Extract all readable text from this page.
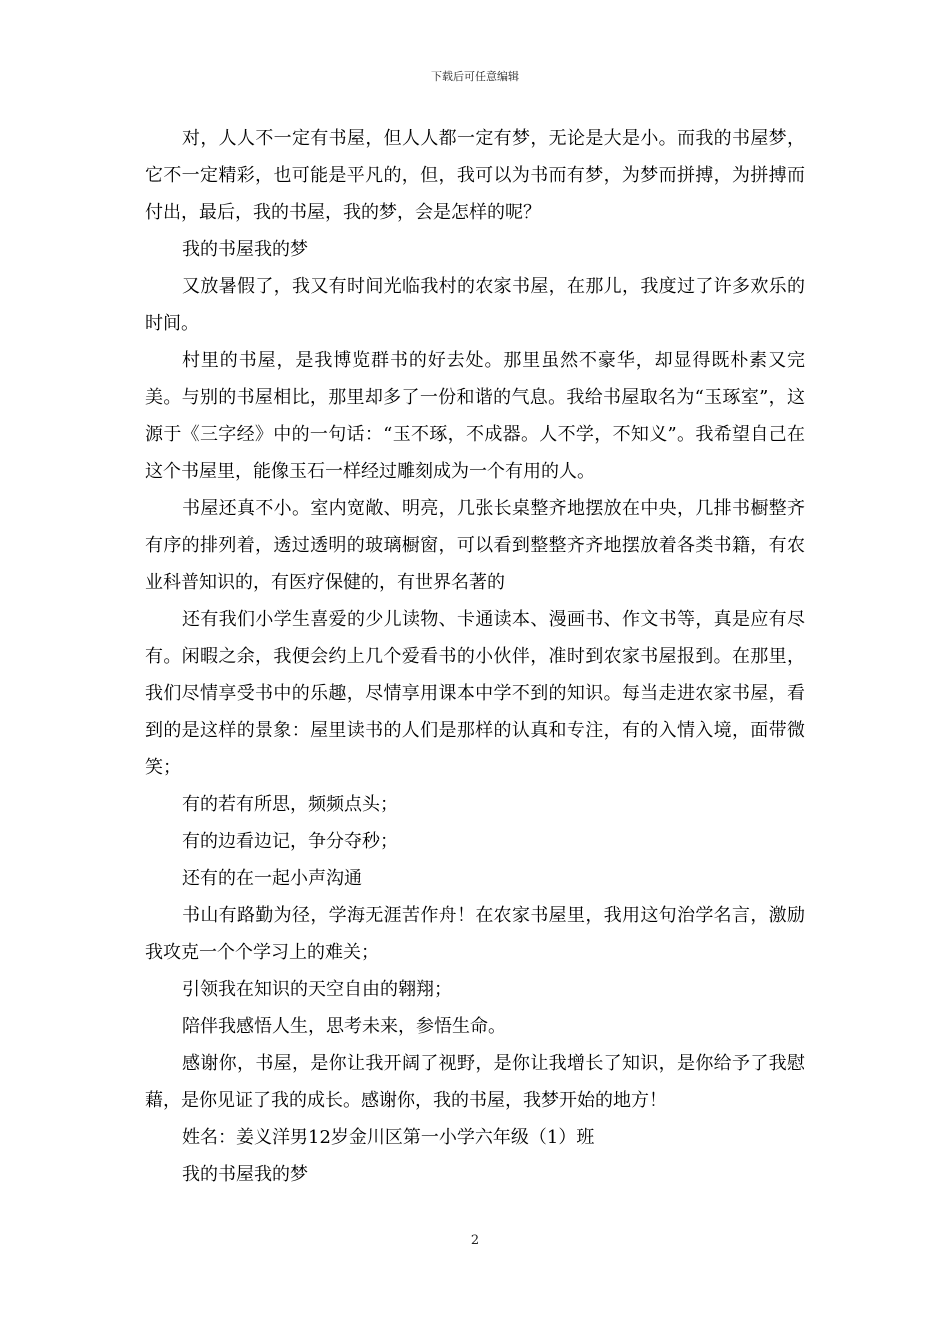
下载后可任意编辑

对，人人不一定有书屋，但人人都一定有梦，无论是大是小。而我的书屋梦，它不一定精彩，也可能是平凡的，但，我可以为书而有梦，为梦而拼搏，为拼搏而付出，最后，我的书屋，我的梦，会是怎样的呢？

我的书屋我的梦

又放暑假了，我又有时间光临我村的农家书屋，在那儿，我度过了许多欢乐的时间。

村里的书屋，是我博览群书的好去处。那里虽然不豪华，却显得既朴素又完美。与别的书屋相比，那里却多了一份和谐的气息。我给书屋取名为“玉琢室”，这源于《三字经》中的一句话：“玉不琢，不成器。人不学，不知义”。我希望自己在这个书屋里，能像玉石一样经过雕刻成为一个有用的人。

书屋还真不小。室内宽敞、明亮，几张长桌整齐地摆放在中央，几排书橱整齐有序的排列着，透过透明的玻璃橱窗，可以看到整整齐齐地摆放着各类书籍，有农业科普知识的，有医疗保健的，有世界名著的

还有我们小学生喜爱的少儿读物、卡通读本、漫画书、作文书等，真是应有尽有。闲暇之余，我便会约上几个爱看书的小伙伴，准时到农家书屋报到。在那里，我们尽情享受书中的乐趣，尽情享用课本中学不到的知识。每当走进农家书屋，看到的是这样的景象：屋里读书的人们是那样的认真和专注，有的入情入境，面带微笑；

有的若有所思，频频点头；

有的边看边记，争分夺秒；

还有的在一起小声沟通

书山有路勤为径，学海无涯苦作舟！在农家书屋里，我用这句治学名言，激励我攻克一个个学习上的难关；

引领我在知识的天空自由的翱翔；

陪伴我感悟人生，思考未来，参悟生命。

感谢你，书屋，是你让我开阔了视野，是你让我增长了知识，是你给予了我慰藉，是你见证了我的成长。感谢你，我的书屋，我梦开始的地方！

姓名：姜义洋男12岁金川区第一小学六年级（1）班

我的书屋我的梦

2
